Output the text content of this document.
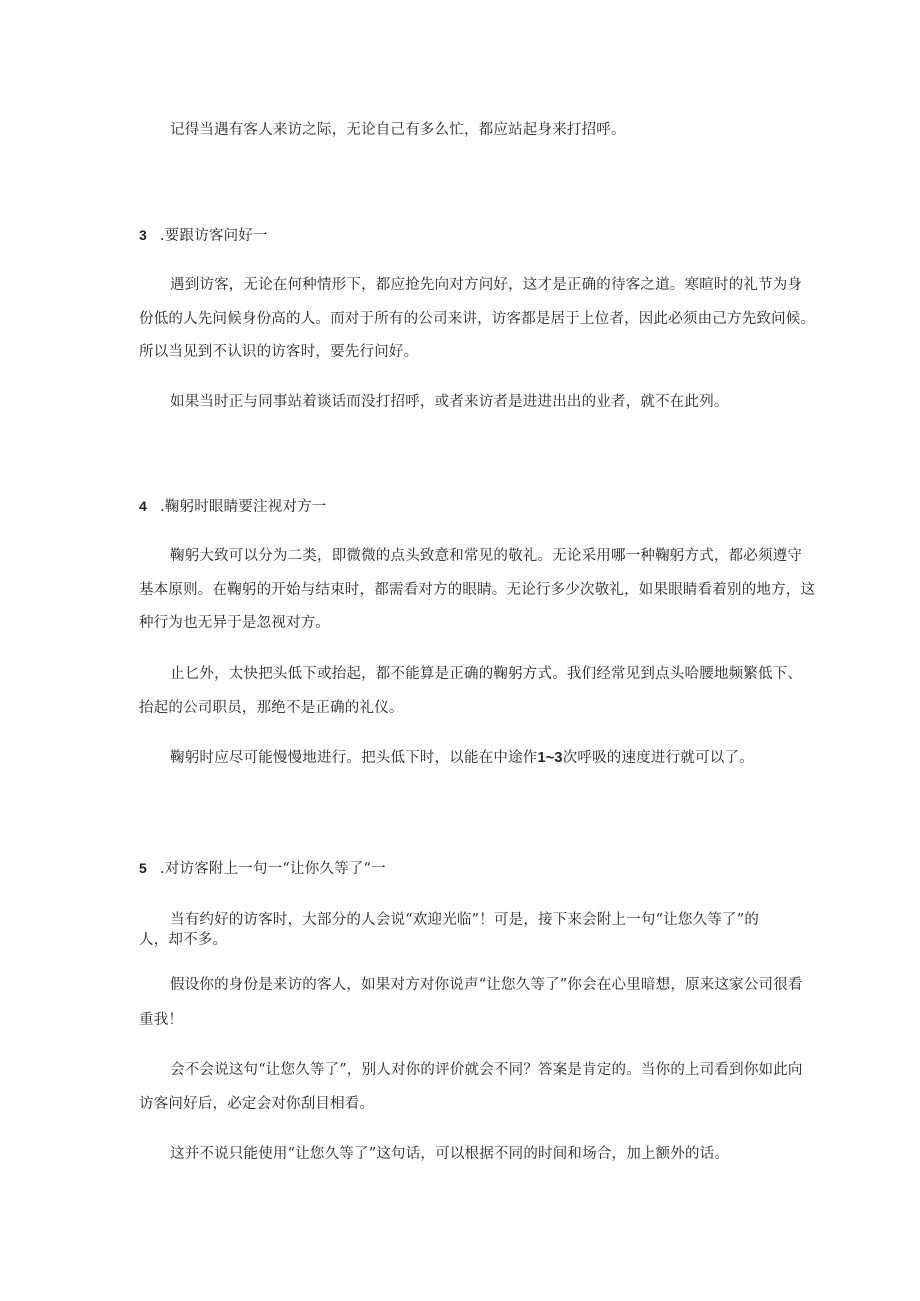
记得当遇有客人来访之际，无论自己有多么忙，都应站起身来打招呼。

3 .要跟访客问好一

遇到访客，无论在何种情形下，都应抢先向对方问好，这才是正确的待客之道。寒暄时的礼节为身

份低的人先问候身份高的人。而对于所有的公司来讲，访客都是居于上位者，因此必须由己方先致问候。

所以当见到不认识的访客时，要先行问好。

如果当时正与同事站着谈话而没打招呼，或者来访者是进进出出的业者，就不在此列。

4 .鞠躬时眼睛要注视对方一

鞠躬大致可以分为二类，即微微的点头致意和常见的敬礼。无论采用哪一种鞠躬方式，都必须遵守

基本原则。在鞠躬的开始与结束时，都需看对方的眼睛。无论行多少次敬礼，如果眼睛看着别的地方，这

种行为也无异于是忽视对方。

止匕外，太快把头低下或抬起，都不能算是正确的鞠躬方式。我们经常见到点头哈腰地频繁低下、

抬起的公司职员，那绝不是正确的礼仪。

鞠躬时应尽可能慢慢地进行。把头低下时，以能在中途作1~3次呼吸的速度进行就可以了。

5 .对访客附上一句一“让你久等了“一

当有约好的访客时，大部分的人会说“欢迎光临”！可是，接下来会附上一句“让您久等了”的

人，却不多。

假设你的身份是来访的客人，如果对方对你说声“让您久等了”你会在心里暗想，原来这家公司很看

重我！

会不会说这句“让您久等了”，别人对你的评价就会不同？答案是肯定的。当你的上司看到你如此向

访客问好后，必定会对你刮目相看。

这并不说只能使用“让您久等了”这句话，可以根据不同的时间和场合，加上额外的话。
